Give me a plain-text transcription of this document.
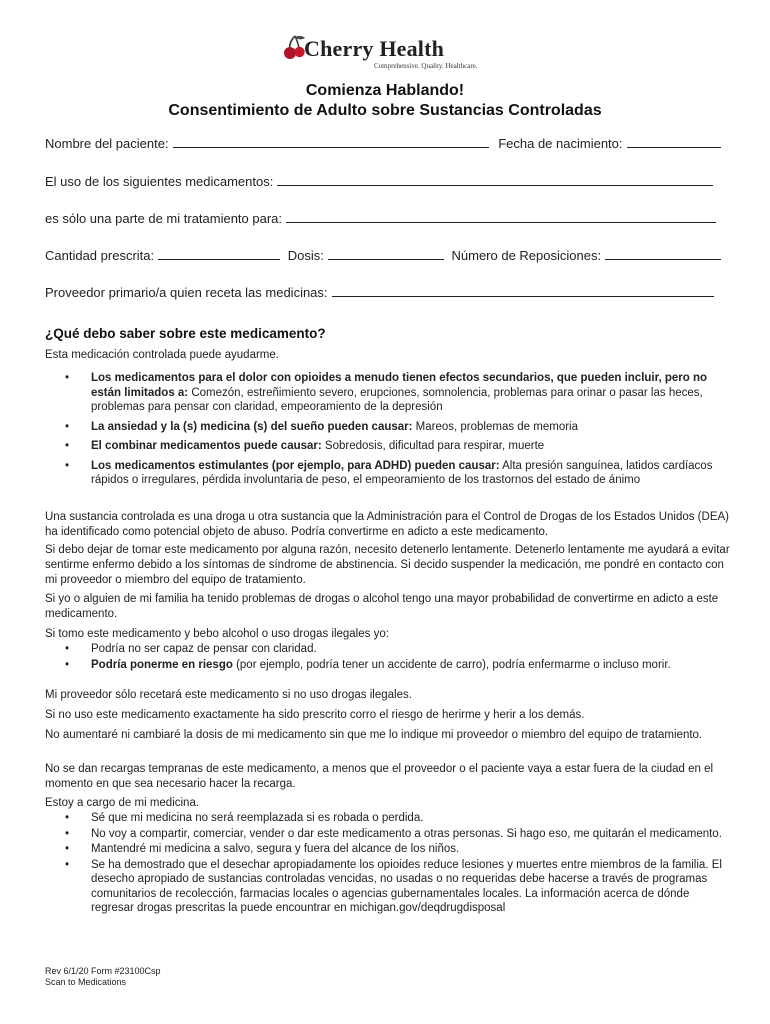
Cherry Health
Comprehensive. Quality. Healthcare.
Comienza Hablando!
Consentimiento de Adulto sobre Sustancias Controladas
Nombre del paciente:	Fecha de nacimiento:
El uso de los siguientes medicamentos:
es sólo una parte de mi tratamiento para:
Cantidad prescrita:	Dosis:	Número de Reposiciones:
Proveedor primario/a quien receta las medicinas:
¿Qué debo saber sobre este medicamento?
Esta medicación controlada puede ayudarme.
• Los medicamentos para el dolor con opioides a menudo tienen efectos secundarios, que pueden incluir, pero no están limitados a: Comezón, estreñimiento severo, erupciones, somnolencia, problemas para orinar o pasar las heces, problemas para pensar con claridad, empeoramiento de la depresión
• La ansiedad y la (s) medicina (s) del sueño pueden causar: Mareos, problemas de memoria
• El combinar medicamentos puede causar: Sobredosis, dificultad para respirar, muerte
• Los medicamentos estimulantes (por ejemplo, para ADHD) pueden causar: Alta presión sanguínea, latidos cardíacos rápidos o irregulares, pérdida involuntaria de peso, el empeoramiento de los trastornos del estado de ánimo
Una sustancia controlada es una droga u otra sustancia que la Administración para el Control de Drogas de los Estados Unidos (DEA) ha identificado como potencial objeto de abuso. Podría convertirme en adicto a este medicamento.
Si debo dejar de tomar este medicamento por alguna razón, necesito detenerlo lentamente. Detenerlo lentamente me ayudará a evitar sentirme enfermo debido a los síntomas de síndrome de abstinencia. Si decido suspender la medicación, me pondré en contacto con mi proveedor o miembro del equipo de tratamiento.
Si yo o alguien de mi familia ha tenido problemas de drogas o alcohol tengo una mayor probabilidad de convertirme en adicto a este medicamento.
Si tomo este medicamento y bebo alcohol o uso drogas ilegales yo:
• Podría no ser capaz de pensar con claridad.
• Podría ponerme en riesgo (por ejemplo, podría tener un accidente de carro), podría enfermarme o incluso morir.
Mi proveedor sólo recetará este medicamento si no uso drogas ilegales.
Si no uso este medicamento exactamente ha sido prescrito corro el riesgo de herirme y herir a los demás.
No aumentaré ni cambiaré la dosis de mi medicamento sin que me lo indique mi proveedor o miembro del equipo de tratamiento.
No se dan recargas tempranas de este medicamento, a menos que el proveedor o el paciente vaya a estar fuera de la ciudad en el momento en que sea necesario hacer la recarga.
Estoy a cargo de mi medicina.
• Sé que mi medicina no será reemplazada si es robada o perdida.
• No voy a compartir, comerciar, vender o dar este medicamento a otras personas. Si hago eso, me quitarán el medicamento.
• Mantendré mi medicina a salvo, segura y fuera del alcance de los niños.
• Se ha demostrado que el desechar apropiadamente los opioides reduce lesiones y muertes entre miembros de la familia. El desecho apropiado de sustancias controladas vencidas, no usadas o no requeridas debe hacerse a través de programas comunitarios de recolección, farmacias locales o agencias gubernamentales locales. La información acerca de dónde regresar drogas prescritas la puede encountrar en michigan.gov/deqdrugdisposal
Rev 6/1/20 Form #23100Csp
Scan to Medications
